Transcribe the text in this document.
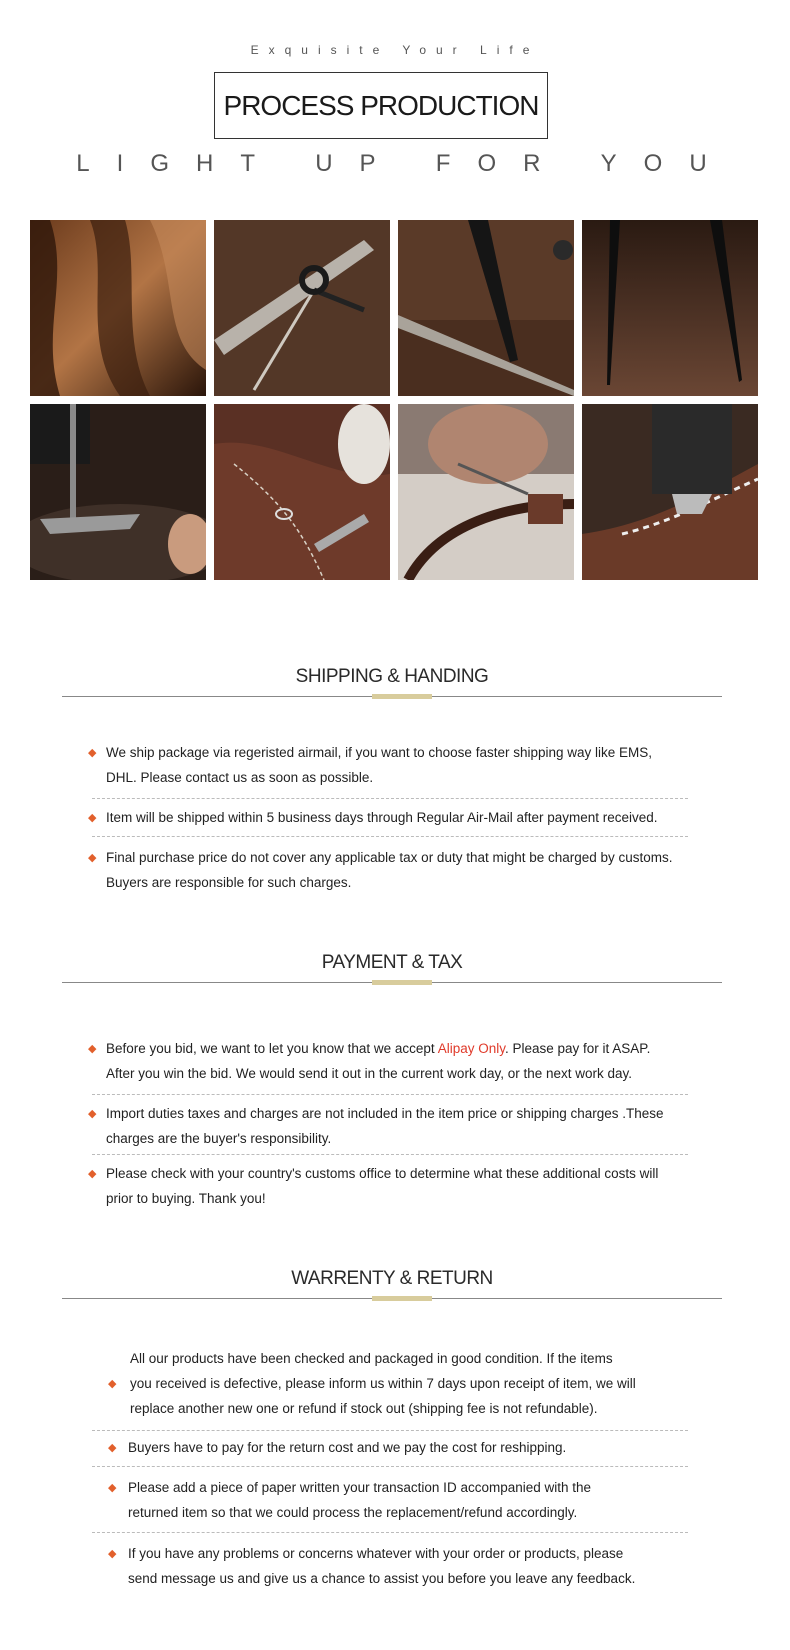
Exquisite Your Life
PROCESS PRODUCTION
LIGHT UP FOR YOU
SHIPPING & HANDING
◆ We ship package via regeristed airmail, if you want to choose faster shipping way like EMS,
DHL. Please contact us as soon as possible.
◆ Item will be shipped within 5 business days through Regular Air-Mail after payment received.
◆ Final purchase price do not cover any applicable tax or duty that might be charged by customs.
Buyers are responsible for such charges.
PAYMENT & TAX
◆ Before you bid, we want to let you know that we accept Alipay Only. Please pay for it ASAP.
After you win the bid. We would send it out in the current work day, or the next work day.
◆ Import duties taxes and charges are not included in the item price or shipping charges .These
charges are the buyer's responsibility.
◆ Please check with your country's customs office to determine what these additional costs will
prior to buying. Thank you!
WARRENTY & RETURN
◆
All our products have been checked and packaged in good condition. If the items
you received is defective, please inform us within 7 days upon receipt of item, we will
replace another new one or refund if stock out (shipping fee is not refundable).
◆ Buyers have to pay for the return cost and we pay the cost for reshipping.
◆ Please add a piece of paper written your transaction ID accompanied with the
returned item so that we could process the replacement/refund accordingly.
◆ If you have any problems or concerns whatever with your order or products, please
send message us and give us a chance to assist you before you leave any feedback.
